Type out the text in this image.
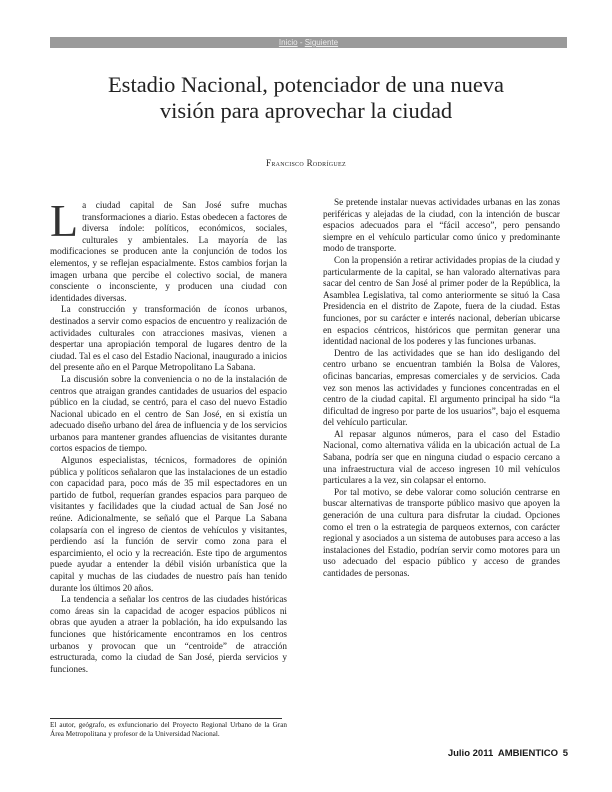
Inicio - Siguiente
Estadio Nacional, potenciador de una nueva
visión para aprovechar la ciudad
Francisco Rodríguez

La ciudad capital de San José sufre muchas transformaciones a diario. Estas obedecen a factores de diversa índole: políticos, económicos, sociales, culturales y ambientales. La mayoría de las modificaciones se producen ante la conjunción de todos los elementos, y se reflejan espacialmente. Estos cambios forjan la imagen urbana que percibe el colectivo social, de manera consciente o inconsciente, y producen una ciudad con identidades diversas.

La construcción y transformación de íconos urbanos, destinados a servir como espacios de encuentro y realización de actividades culturales con atracciones masivas, vienen a despertar una apropiación temporal de lugares dentro de la ciudad. Tal es el caso del Estadio Nacional, inaugurado a inicios del presente año en el Parque Metropolitano La Sabana.

La discusión sobre la conveniencia o no de la instalación de centros que atraigan grandes cantidades de usuarios del espacio público en la ciudad, se centró, para el caso del nuevo Estadio Nacional ubicado en el centro de San José, en si existía un adecuado diseño urbano del área de influencia y de los servicios urbanos para mantener grandes afluencias de visitantes durante cortos espacios de tiempo.

Algunos especialistas, técnicos, formadores de opinión pública y políticos señalaron que las instalaciones de un estadio con capacidad para, poco más de 35 mil espectadores en un partido de futbol, requerían grandes espacios para parqueo de visitantes y facilidades que la ciudad actual de San José no reúne. Adicionalmente, se señaló que el Parque La Sabana colapsaría con el ingreso de cientos de vehículos y visitantes, perdiendo así la función de servir como zona para el esparcimiento, el ocio y la recreación. Este tipo de argumentos puede ayudar a entender la débil visión urbanística que la capital y muchas de las ciudades de nuestro país han tenido durante los últimos 20 años.

La tendencia a señalar los centros de las ciudades históricas como áreas sin la capacidad de acoger espacios públicos ni obras que ayuden a atraer la población, ha ido expulsando las funciones que históricamente encontramos en los centros urbanos y provocan que un “centroide” de atracción estructurada, como la ciudad de San José, pierda servicios y funciones.

Se pretende instalar nuevas actividades urbanas en las zonas periféricas y alejadas de la ciudad, con la intención de buscar espacios adecuados para el “fácil acceso”, pero pensando siempre en el vehículo particular como único y predominante modo de transporte.

Con la propensión a retirar actividades propias de la ciudad y particularmente de la capital, se han valorado alternativas para sacar del centro de San José al primer poder de la República, la Asamblea Legislativa, tal como anteriormente se situó la Casa Presidencia en el distrito de Zapote, fuera de la ciudad. Estas funciones, por su carácter e interés nacional, deberían ubicarse en espacios céntricos, históricos que permitan generar una identidad nacional de los poderes y las funciones urbanas.

Dentro de las actividades que se han ido desligando del centro urbano se encuentran también la Bolsa de Valores, oficinas bancarias, empresas comerciales y de servicios. Cada vez son menos las actividades y funciones concentradas en el centro de la ciudad capital. El argumento principal ha sido “la dificultad de ingreso por parte de los usuarios”, bajo el esquema del vehículo particular.

Al repasar algunos números, para el caso del Estadio Nacional, como alternativa válida en la ubicación actual de La Sabana, podría ser que en ninguna ciudad o espacio cercano a una infraestructura vial de acceso ingresen 10 mil vehículos particulares a la vez, sin colapsar el entorno.

Por tal motivo, se debe valorar como solución centrarse en buscar alternativas de transporte público masivo que apoyen la generación de una cultura para disfrutar la ciudad. Opciones como el tren o la estrategia de parqueos externos, con carácter regional y asociados a un sistema de autobuses para acceso a las instalaciones del Estadio, podrían servir como motores para un uso adecuado del espacio público y acceso de grandes cantidades de personas.

El autor, geógrafo, es exfuncionario del Proyecto Regional Urbano de la Gran Área Metropolitana y profesor de la Universidad Nacional.
Julio 2011 AMBIENTICO 5
